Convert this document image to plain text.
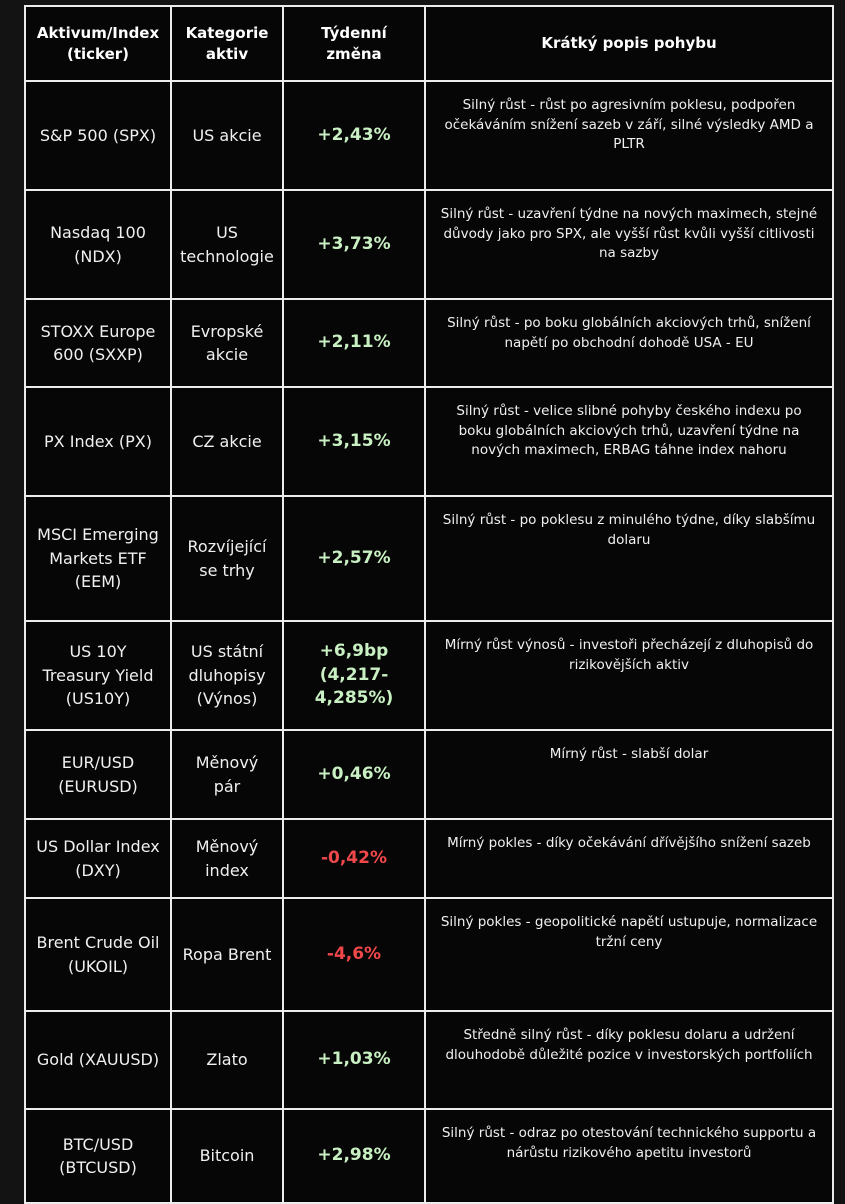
Aktivum/Index (ticker)	Kategorie aktiv	Týdenní změna	Krátký popis pohybu
S&P 500 (SPX)	US akcie	+2,43%	Silný růst - růst po agresivním poklesu, podpořen očekáváním snížení sazeb v září, silné výsledky AMD a PLTR
Nasdaq 100 (NDX)	US technologie	+3,73%	Silný růst - uzavření týdne na nových maximech, stejné důvody jako pro SPX, ale vyšší růst kvůli vyšší citlivosti na sazby
STOXX Europe 600 (SXXP)	Evropské akcie	+2,11%	Silný růst - po boku globálních akciových trhů, snížení napětí po obchodní dohodě USA - EU
PX Index (PX)	CZ akcie	+3,15%	Silný růst - velice slibné pohyby českého indexu po boku globálních akciových trhů, uzavření týdne na nových maximech, ERBAG táhne index nahoru
MSCI Emerging Markets ETF (EEM)	Rozvíjející se trhy	+2,57%	Silný růst - po poklesu z minulého týdne, díky slabšímu dolaru
US 10Y Treasury Yield (US10Y)	US státní dluhopisy (Výnos)	+6,9bp (4,217-4,285%)	Mírný růst výnosů - investoři přecházejí z dluhopisů do rizikovějších aktiv
EUR/USD (EURUSD)	Měnový pár	+0,46%	Mírný růst - slabší dolar
US Dollar Index (DXY)	Měnový index	-0,42%	Mírný pokles - díky očekávání dřívějšího snížení sazeb
Brent Crude Oil (UKOIL)	Ropa Brent	-4,6%	Silný pokles - geopolitické napětí ustupuje, normalizace tržní ceny
Gold (XAUUSD)	Zlato	+1,03%	Středně silný růst - díky poklesu dolaru a udržení dlouhodobě důležité pozice v investorských portfoliích
BTC/USD (BTCUSD)	Bitcoin	+2,98%	Silný růst - odraz po otestování technického supportu a nárůstu rizikového apetitu investorů
